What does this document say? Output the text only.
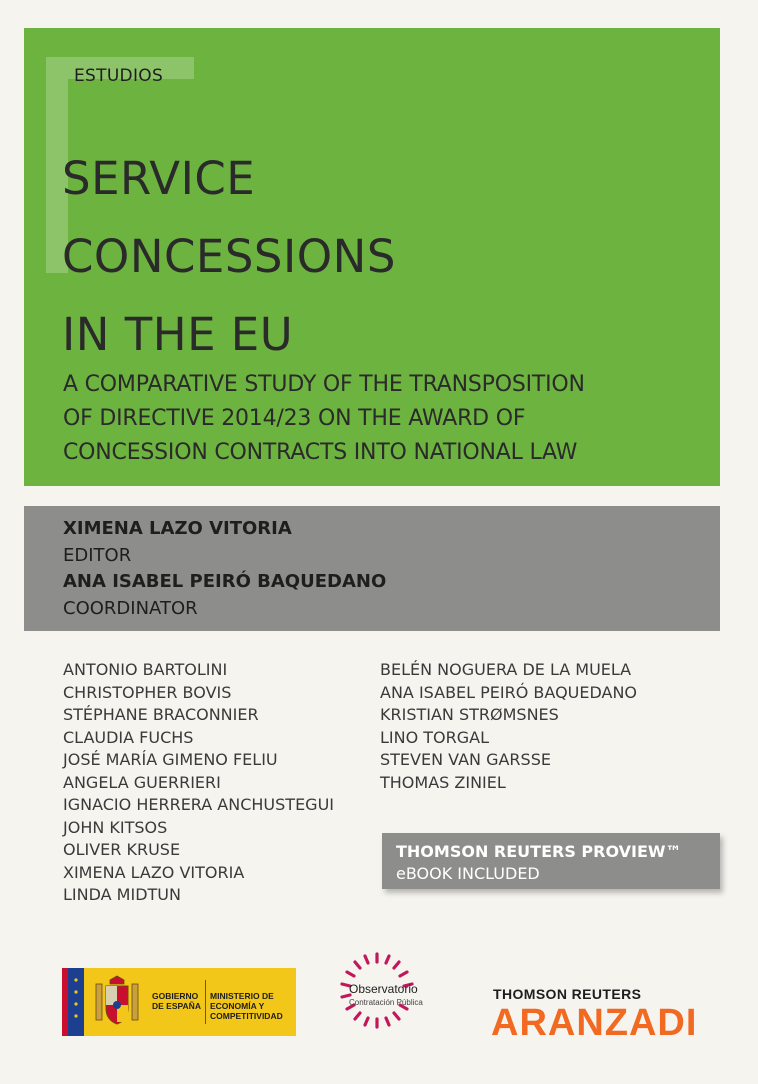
ESTUDIOS
SERVICE
CONCESSIONS
IN THE EU
A COMPARATIVE STUDY OF THE TRANSPOSITION
OF DIRECTIVE 2014/23 ON THE AWARD OF
CONCESSION CONTRACTS INTO NATIONAL LAW
XIMENA LAZO VITORIA
EDITOR
ANA ISABEL PEIRÓ BAQUEDANO
COORDINATOR
ANTONIO BARTOLINI
CHRISTOPHER BOVIS
STÉPHANE BRACONNIER
CLAUDIA FUCHS
JOSÉ MARÍA GIMENO FELIU
ANGELA GUERRIERI
IGNACIO HERRERA ANCHUSTEGUI
JOHN KITSOS
OLIVER KRUSE
XIMENA LAZO VITORIA
LINDA MIDTUN
BELÉN NOGUERA DE LA MUELA
ANA ISABEL PEIRÓ BAQUEDANO
KRISTIAN STRØMSNES
LINO TORGAL
STEVEN VAN GARSSE
THOMAS ZINIEL
THOMSON REUTERS PROVIEW™
eBOOK INCLUDED
GOBIERNO DE ESPAÑA
MINISTERIO DE ECONOMÍA Y COMPETITIVIDAD
Observatorio
Contratación Pública
THOMSON REUTERS
ARANZADI
